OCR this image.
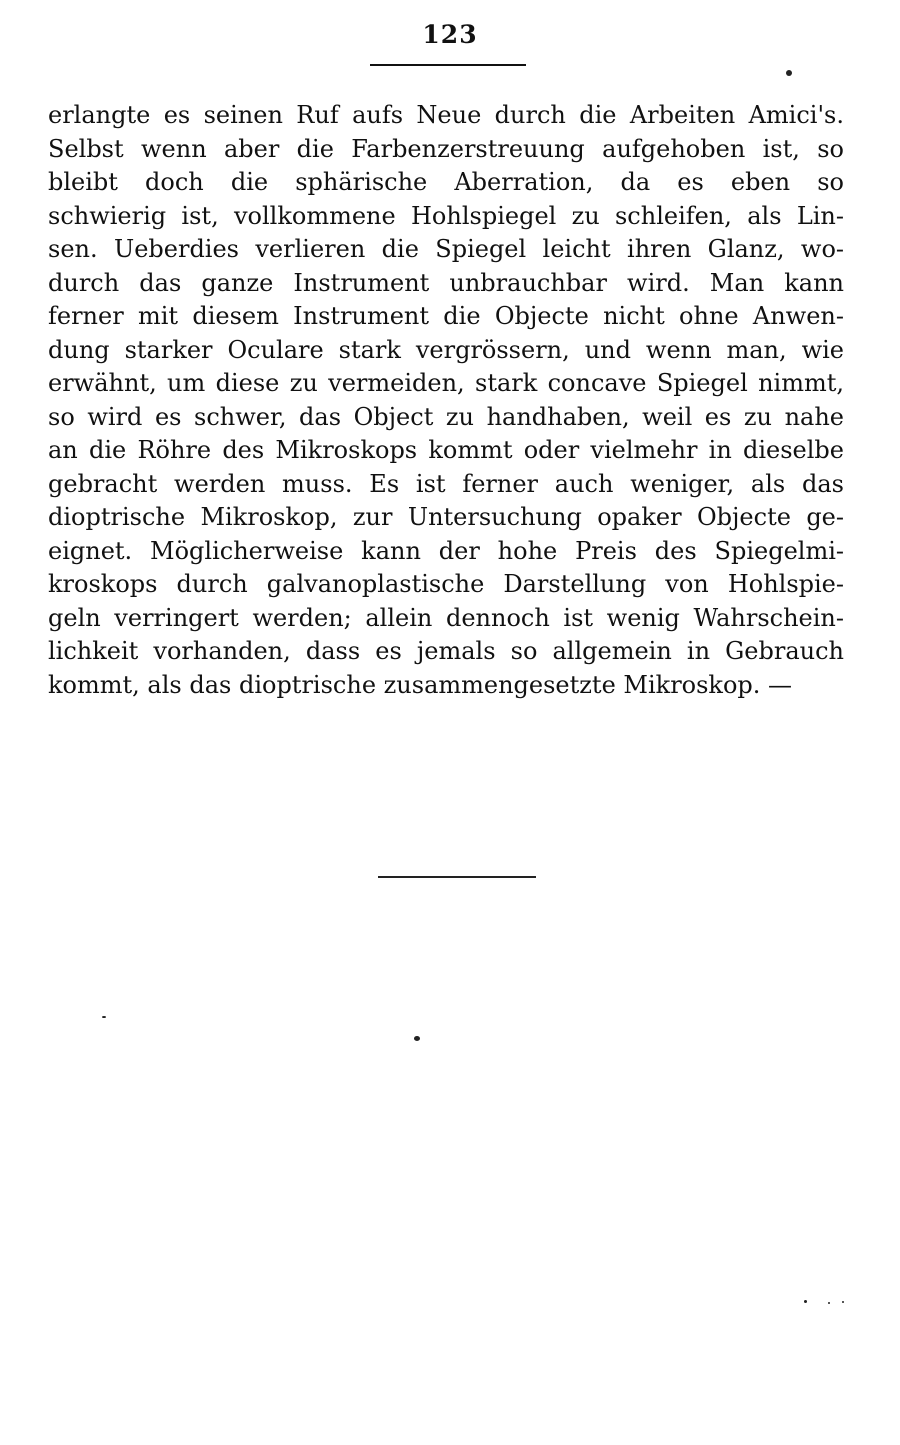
123
erlangte es seinen Ruf aufs Neue durch die Arbeiten Amici's.
Selbst wenn aber die Farbenzerstreuung aufgehoben ist, so
bleibt doch die sphärische Aberration, da es eben so
schwierig ist, vollkommene Hohlspiegel zu schleifen, als Lin-
sen. Ueberdies verlieren die Spiegel leicht ihren Glanz, wo-
durch das ganze Instrument unbrauchbar wird. Man kann
ferner mit diesem Instrument die Objecte nicht ohne Anwen-
dung starker Oculare stark vergrössern, und wenn man, wie
erwähnt, um diese zu vermeiden, stark concave Spiegel nimmt,
so wird es schwer, das Object zu handhaben, weil es zu nahe
an die Röhre des Mikroskops kommt oder vielmehr in dieselbe
gebracht werden muss. Es ist ferner auch weniger, als das
dioptrische Mikroskop, zur Untersuchung opaker Objecte ge-
eignet. Möglicherweise kann der hohe Preis des Spiegelmi-
kroskops durch galvanoplastische Darstellung von Hohlspie-
geln verringert werden; allein dennoch ist wenig Wahrschein-
lichkeit vorhanden, dass es jemals so allgemein in Gebrauch
kommt, als das dioptrische zusammengesetzte Mikroskop. —
